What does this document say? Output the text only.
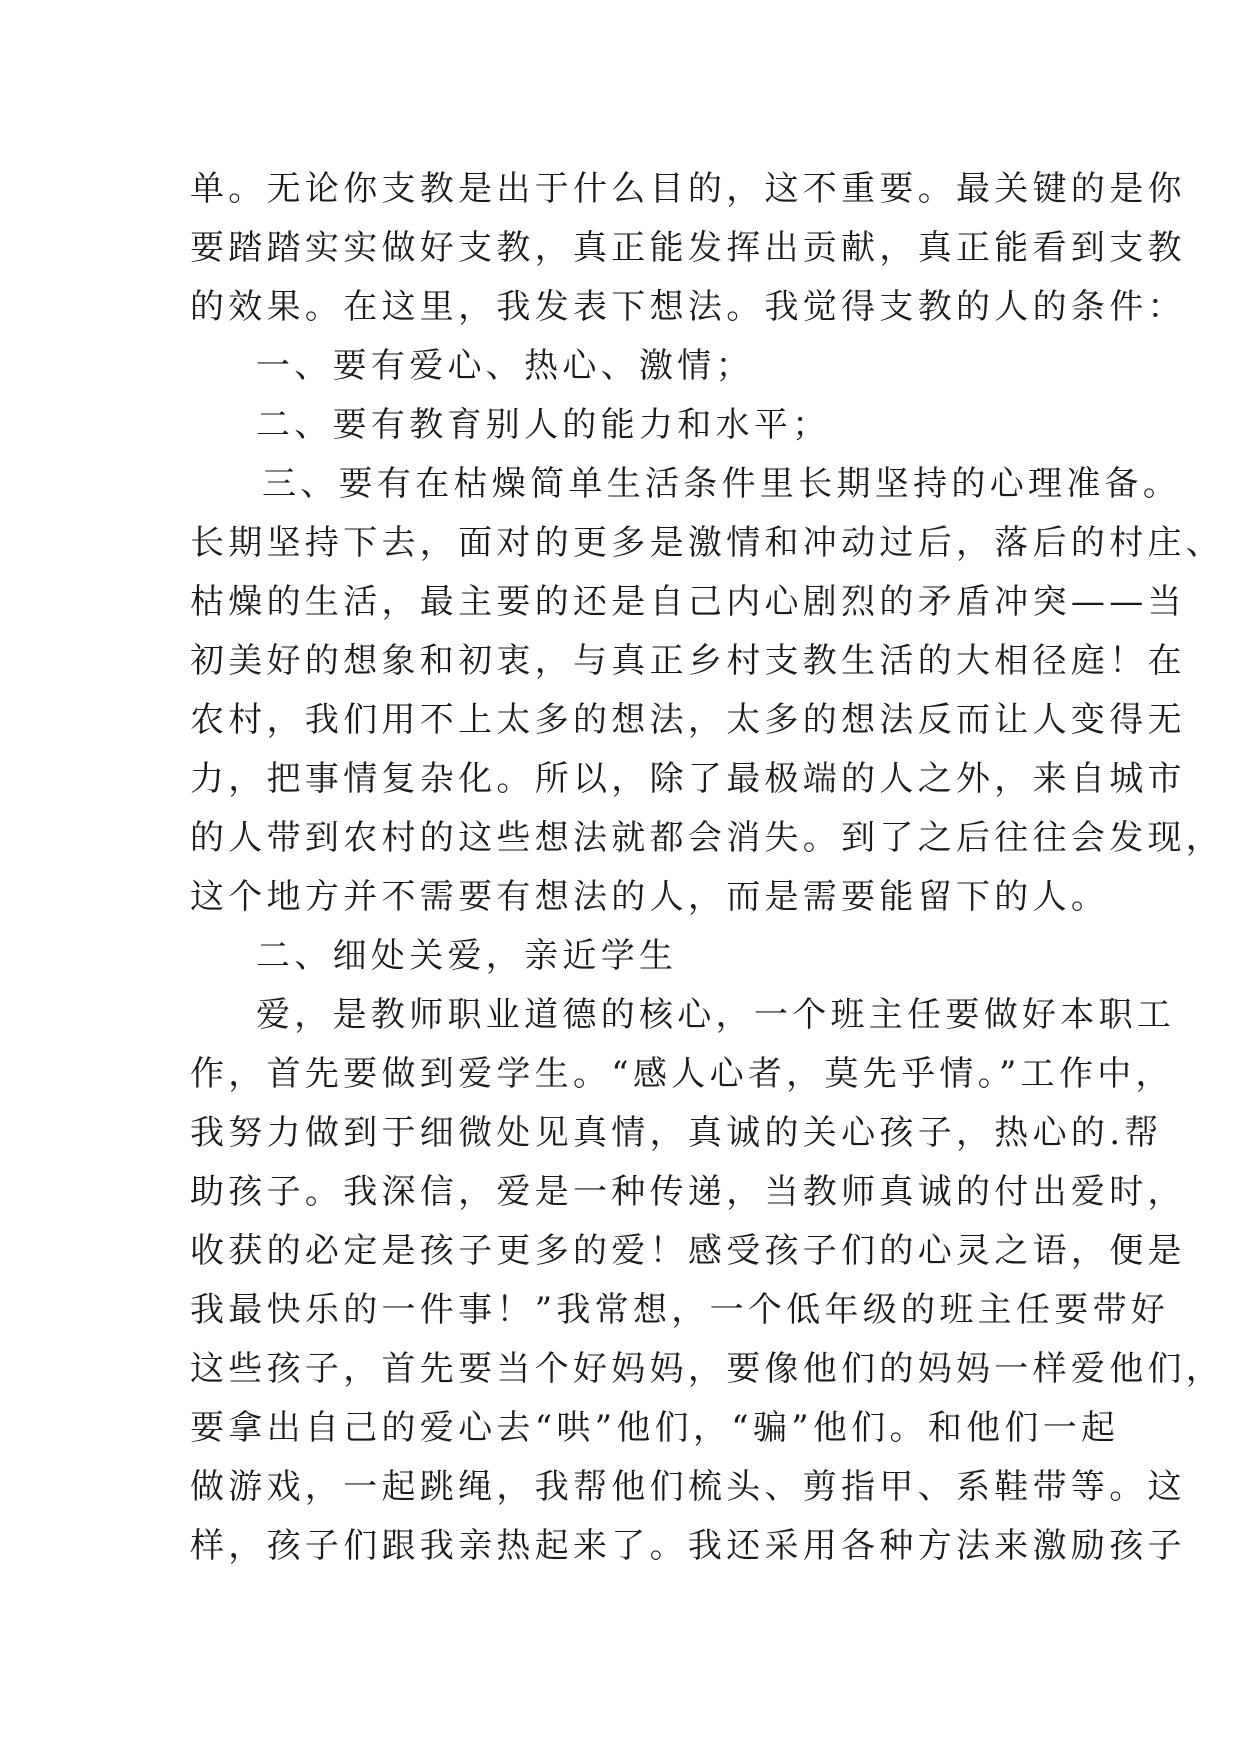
单。无论你支教是出于什么目的，这不重要。最关键的是你
要踏踏实实做好支教，真正能发挥出贡献，真正能看到支教
的效果。在这里，我发表下想法。我觉得支教的人的条件：
一、要有爱心、热心、激情；
二、要有教育别人的能力和水平；
三、要有在枯燥简单生活条件里长期坚持的心理准备。
长期坚持下去，面对的更多是激情和冲动过后，落后的村庄、
枯燥的生活，最主要的还是自己内心剧烈的矛盾冲突——当
初美好的想象和初衷，与真正乡村支教生活的大相径庭！在
农村，我们用不上太多的想法，太多的想法反而让人变得无
力，把事情复杂化。所以，除了最极端的人之外，来自城市
的人带到农村的这些想法就都会消失。到了之后往往会发现，
这个地方并不需要有想法的人，而是需要能留下的人。
二、细处关爱，亲近学生
爱，是教师职业道德的核心，一个班主任要做好本职工
作，首先要做到爱学生。“感人心者，莫先乎情。”工作中，
我努力做到于细微处见真情，真诚的关心孩子，热心的.帮
助孩子。我深信，爱是一种传递，当教师真诚的付出爱时，
收获的必定是孩子更多的爱！感受孩子们的心灵之语，便是
我最快乐的一件事！”我常想，一个低年级的班主任要带好
这些孩子，首先要当个好妈妈，要像他们的妈妈一样爱他们，
要拿出自己的爱心去“哄”他们，“骗”他们。和他们一起
做游戏，一起跳绳，我帮他们梳头、剪指甲、系鞋带等。这
样，孩子们跟我亲热起来了。我还采用各种方法来激励孩子
